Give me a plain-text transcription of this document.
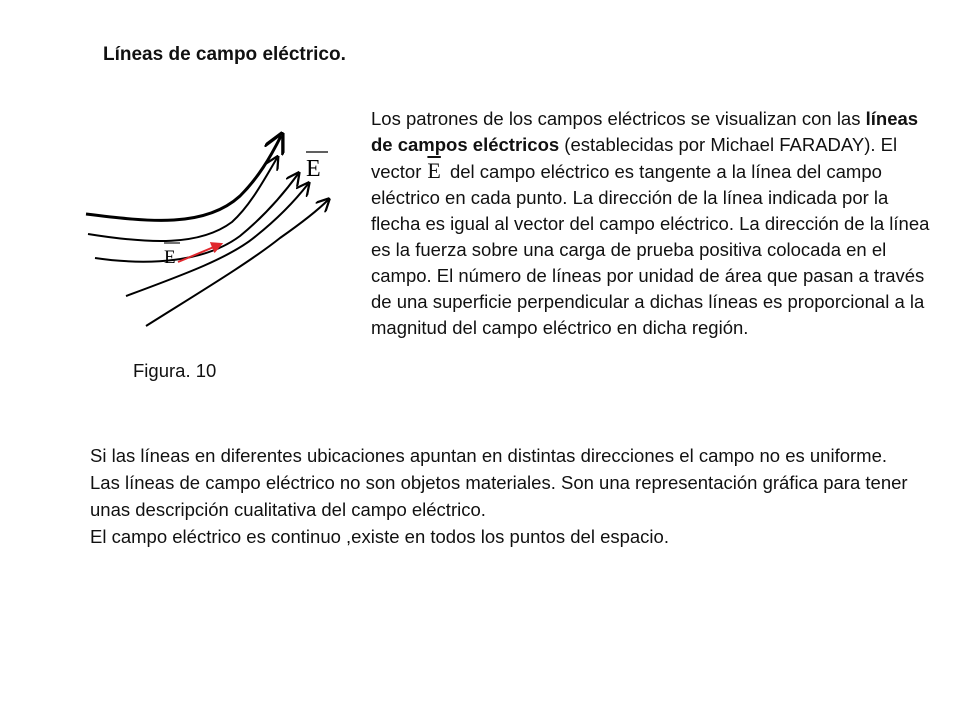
Líneas de campo eléctrico.
E
E
Figura. 10
Los patrones de los campos eléctricos se visualizan con las líneas de campos eléctricos (establecidas por Michael FARADAY). El vector $\overline{E}$ del campo eléctrico es tangente a la línea del campo eléctrico en cada punto. La dirección de la línea indicada por la flecha es igual al vector del campo eléctrico. La dirección de la línea es la fuerza sobre una carga de prueba positiva colocada en el campo. El número de líneas por unidad de área que pasan a través de una superficie perpendicular a dichas líneas es proporcional a la magnitud del campo eléctrico en dicha región.

Si las líneas en diferentes ubicaciones apuntan en distintas direcciones el campo no es uniforme.

Las líneas de campo eléctrico no son objetos materiales. Son una representación gráfica para tener unas descripción cualitativa del campo eléctrico.

El campo eléctrico es continuo ,existe en todos los puntos del espacio.
